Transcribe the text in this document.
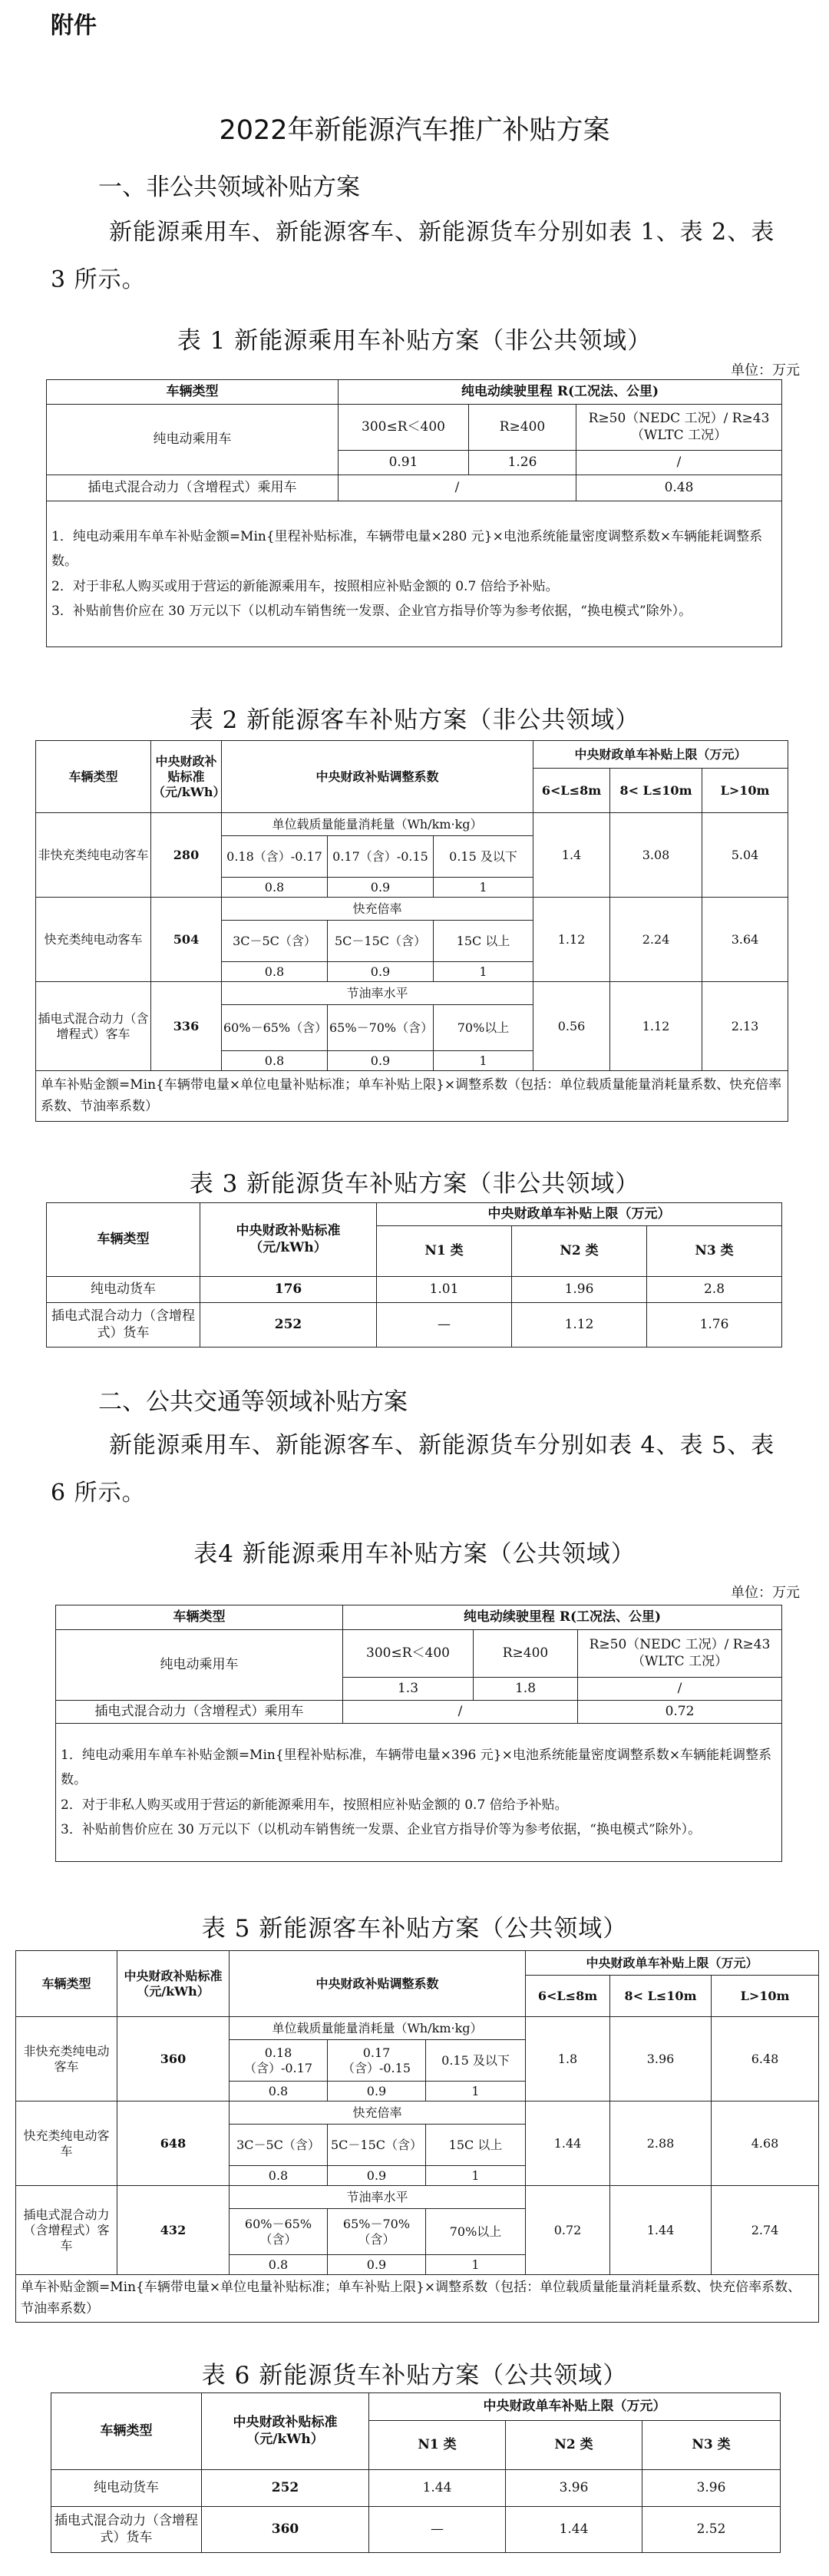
附件
2022年新能源汽车推广补贴方案
一、非公共领域补贴方案
新能源乘用车、新能源客车、新能源货车分别如表 1、表 2、表 3 所示。
表 1 新能源乘用车补贴方案（非公共领域）
单位：万元
车辆类型	纯电动续驶里程 R(工况法、公里)		
纯电动乘用车	300≤R＜400	R≥400	R≥50（NEDC 工况）/ R≥43（WLTC 工况）
	0.91	1.26	/
插电式混合动力（含增程式）乘用车	/		0.48

1．纯电动乘用车单车补贴金额=Min{里程补贴标准，车辆带电量×280 元}×电池系统能量密度调整系数×车辆能耗调整系数。
2．对于非私人购买或用于营运的新能源乘用车，按照相应补贴金额的 0.7 倍给予补贴。
3．补贴前售价应在 30 万元以下（以机动车销售统一发票、企业官方指导价等为参考依据，“换电模式”除外）。			
表 2 新能源客车补贴方案（非公共领域）
车辆类型	中央财政补贴标准（元/kWh）	中央财政补贴调整系数			中央财政单车补贴上限（万元）		
					6<L≤8m	8< L≤10m	L>10m
非快充类纯电动客车	280	单位载质量能量消耗量（Wh/km·kg）			1.4	3.08	5.04
		0.18（含）-0.17	0.17（含）-0.15	0.15 及以下			
		0.8	0.9	1			
快充类纯电动客车	504	快充倍率			1.12	2.24	3.64
		3C－5C（含）	5C－15C（含）	15C 以上			
		0.8	0.9	1			
插电式混合动力（含增程式）客车	336	节油率水平			0.56	1.12	2.13
		60%－65%（含）	65%－70%（含）	70%以上			
		0.8	0.9	1			
单车补贴金额=Min{车辆带电量×单位电量补贴标准；单车补贴上限}×调整系数（包括：单位载质量能量消耗量系数、快充倍率系数、节油率系数）							
表 3 新能源货车补贴方案（非公共领域）
车辆类型	中央财政补贴标准（元/kWh）	中央财政单车补贴上限（万元）		
		N1 类	N2 类	N3 类
纯电动货车	176	1.01	1.96	2.8
插电式混合动力（含增程式）货车	252	—	1.12	1.76
二、公共交通等领域补贴方案
新能源乘用车、新能源客车、新能源货车分别如表 4、表 5、表 6 所示。
表4 新能源乘用车补贴方案（公共领域）
单位：万元
车辆类型	纯电动续驶里程 R(工况法、公里)		
纯电动乘用车	300≤R＜400	R≥400	R≥50（NEDC 工况）/ R≥43（WLTC 工况）
	1.3	1.8	/
插电式混合动力（含增程式）乘用车	/		0.72

1．纯电动乘用车单车补贴金额=Min{里程补贴标准，车辆带电量×396 元}×电池系统能量密度调整系数×车辆能耗调整系数。
2．对于非私人购买或用于营运的新能源乘用车，按照相应补贴金额的 0.7 倍给予补贴。
3．补贴前售价应在 30 万元以下（以机动车销售统一发票、企业官方指导价等为参考依据，“换电模式”除外）。			
表 5 新能源客车补贴方案（公共领域）
车辆类型	中央财政补贴标准（元/kWh）	中央财政补贴调整系数			中央财政单车补贴上限（万元）		
					6<L≤8m	8< L≤10m	L>10m
非快充类纯电动客车	360	单位载质量能量消耗量（Wh/km·kg）			1.8	3.96	6.48
		0.18（含）-0.17	0.17（含）-0.15	0.15 及以下			
		0.8	0.9	1			
快充类纯电动客车	648	快充倍率			1.44	2.88	4.68
		3C－5C（含）	5C－15C（含）	15C 以上			
		0.8	0.9	1			
插电式混合动力（含增程式）客车	432	节油率水平			0.72	1.44	2.74
		60%－65%（含）	65%－70%（含）	70%以上			
		0.8	0.9	1			
单车补贴金额=Min{车辆带电量×单位电量补贴标准；单车补贴上限}×调整系数（包括：单位载质量能量消耗量系数、快充倍率系数、节油率系数）							
表 6 新能源货车补贴方案（公共领域）
车辆类型	中央财政补贴标准（元/kWh）	中央财政单车补贴上限（万元）		
		N1 类	N2 类	N3 类
纯电动货车	252	1.44	3.96	3.96
插电式混合动力（含增程式）货车	360	—	1.44	2.52
